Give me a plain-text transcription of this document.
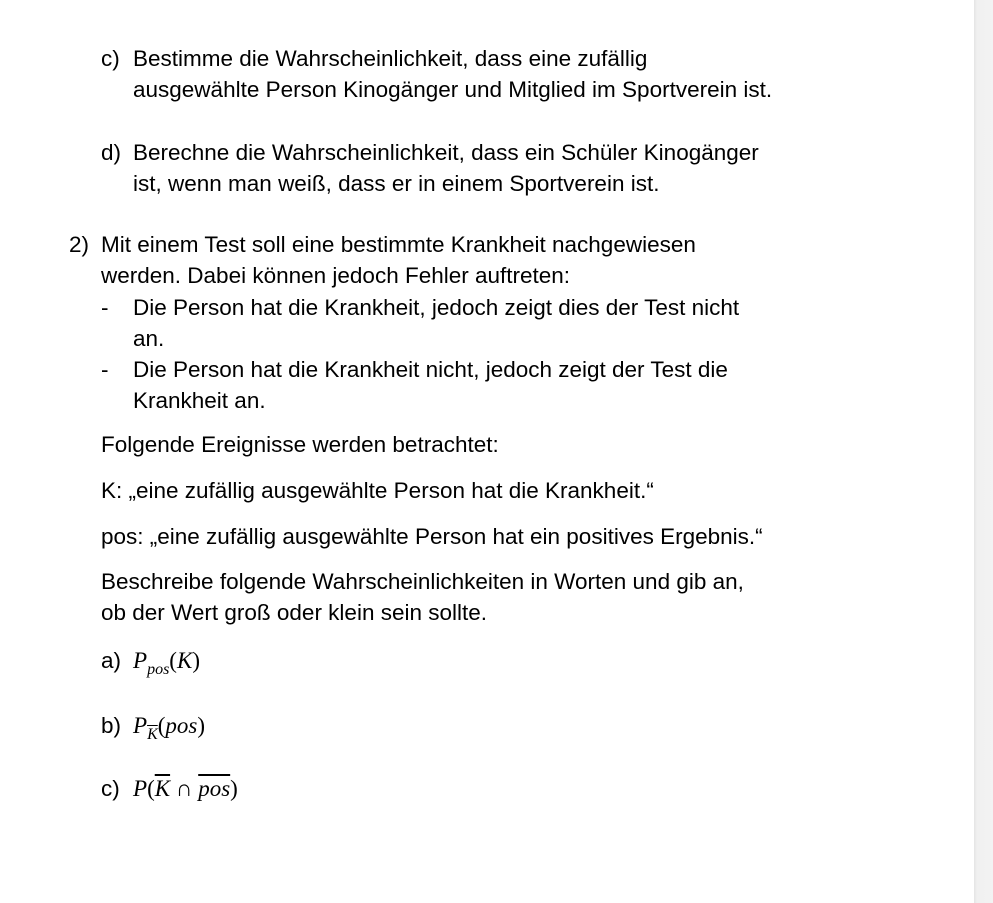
c) Bestimme die Wahrscheinlichkeit, dass eine zufällig
ausgewählte Person Kinogänger und Mitglied im Sportverein ist.
d) Berechne die Wahrscheinlichkeit, dass ein Schüler Kinogänger
ist, wenn man weiß, dass er in einem Sportverein ist.
2) Mit einem Test soll eine bestimmte Krankheit nachgewiesen
werden. Dabei können jedoch Fehler auftreten:
- Die Person hat die Krankheit, jedoch zeigt dies der Test nicht
an.
- Die Person hat die Krankheit nicht, jedoch zeigt der Test die
Krankheit an.
Folgende Ereignisse werden betrachtet:
K: „eine zufällig ausgewählte Person hat die Krankheit.“
pos: „eine zufällig ausgewählte Person hat ein positives Ergebnis.“
Beschreibe folgende Wahrscheinlichkeiten in Worten und gib an,
ob der Wert groß oder klein sein sollte.
a) $P_{pos}(K)$
b) $P_{\overline{K}}(pos)$
c) $P(\overline{K}$ ∩ $\overline{pos}$)
